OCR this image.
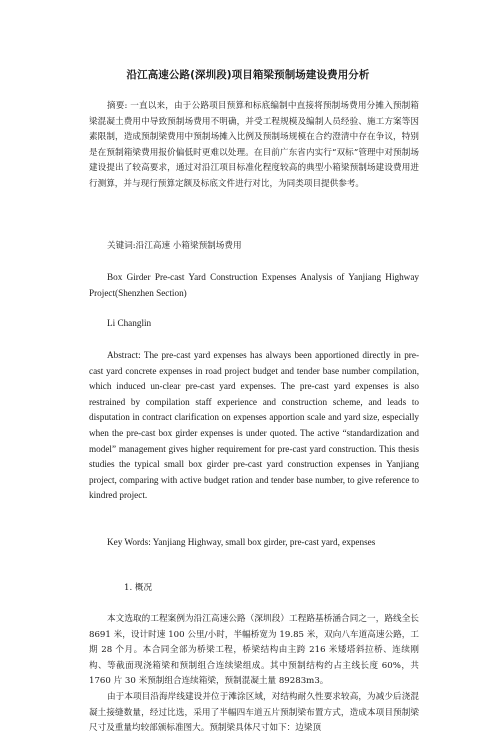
沿江高速公路(深圳段)项目箱梁预制场建设费用分析

摘要: 一直以来，由于公路项目预算和标底编制中直接将预制场费用分摊入预制箱梁混凝土费用中导致预制场费用不明确，并受工程规模及编制人员经验、施工方案等因素限制，造成预制梁费用中预制场摊入比例及预制场规模在合约澄清中存在争议，特别是在预制箱梁费用报价偏低时更难以处理。在目前广东省内实行“双标”管理中对预制场建设提出了较高要求，通过对沿江项目标准化程度较高的典型小箱梁预制场建设费用进行测算，并与现行预算定额及标底文件进行对比，为同类项目提供参考。

关键词:沿江高速 小箱梁预制场费用

Box Girder Pre-cast Yard Construction Expenses Analysis of Yanjiang Highway Project(Shenzhen Section)

Li Changlin

Abstract: The pre-cast yard expenses has always been apportioned directly in pre-cast yard concrete expenses in road project budget and tender base number compilation, which induced un-clear pre-cast yard expenses. The pre-cast yard expenses is also restrained by compilation staff experience and construction scheme, and leads to disputation in contract clarification on expenses apportion scale and yard size, especially when the pre-cast box girder expenses is under quoted. The active “standardization and model” management gives higher requirement for pre-cast yard construction. This thesis studies the typical small box girder pre-cast yard construction expenses in Yanjiang project, comparing with active budget ration and tender base number, to give reference to kindred project.

Key Words: Yanjiang Highway, small box girder, pre-cast yard, expenses

1. 概况

本文选取的工程案例为沿江高速公路（深圳段）工程路基桥涵合同之一，路线全长 8691 米，设计时速 100 公里/小时，半幅桥宽为 19.85 米，双向八车道高速公路，工期 28 个月。本合同全部为桥梁工程，桥梁结构由主跨 216 米矮塔斜拉桥、连续刚构、等截面现浇箱梁和预制组合连续梁组成。其中预制结构约占主线长度 60%，共 1760 片 30 米预制组合连续箱梁，预制混凝土量 89283m3。

由于本项目沿海岸线建设并位于滩涂区域，对结构耐久性要求较高，为减少后浇混凝土接缝数量，经过比选，采用了半幅四车道五片预制梁布置方式，造成本项目预制梁尺寸及重量均较部颁标准图大。预制梁具体尺寸如下：边梁顶
